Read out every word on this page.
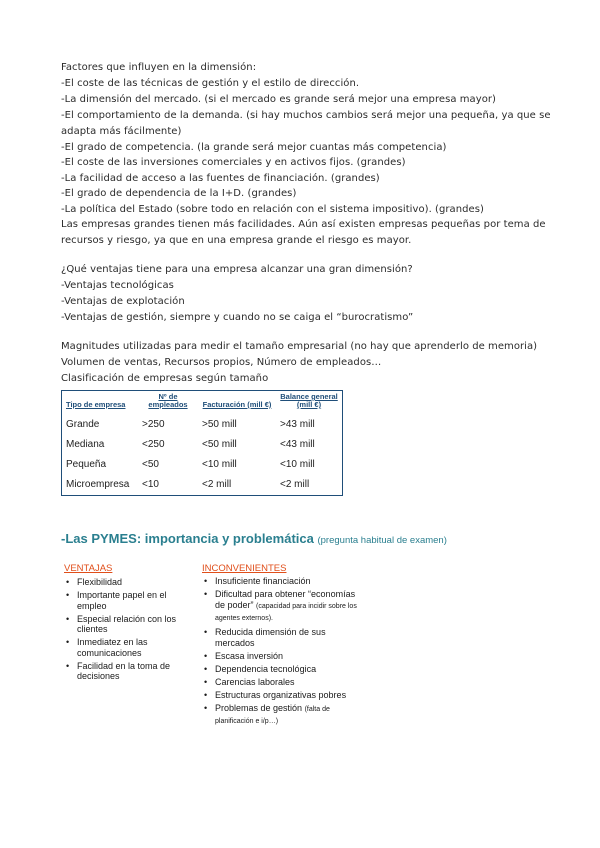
Factores que influyen en la dimensión:
-El coste de las técnicas de gestión y el estilo de dirección.
-La dimensión del mercado. (si el mercado es grande será mejor una empresa mayor)
-El comportamiento de la demanda. (si hay muchos cambios será mejor una pequeña, ya que se
adapta más fácilmente)
-El grado de competencia. (la grande será mejor cuantas más competencia)
-El coste de las inversiones comerciales y en activos fijos. (grandes)
-La facilidad de acceso a las fuentes de financiación. (grandes)
-El grado de dependencia de la I+D. (grandes)
-La política del Estado (sobre todo en relación con el sistema impositivo). (grandes)
Las empresas grandes tienen más facilidades. Aún así existen empresas pequeñas por tema de
recursos y riesgo, ya que en una empresa grande el riesgo es mayor.
¿Qué ventajas tiene para una empresa alcanzar una gran dimensión?
-Ventajas tecnológicas
-Ventajas de explotación
-Ventajas de gestión, siempre y cuando no se caiga el “burocratismo”
Magnitudes utilizadas para medir el tamaño empresarial (no hay que aprenderlo de memoria)
Volumen de ventas, Recursos propios, Número de empleados…
Clasificación de empresas según tamaño
Tipo de empresa	Nº de empleados	Facturación (mill €)	Balance general (mill €)
Grande	>250	>50 mill	>43 mill
Mediana	<250	<50 mill	<43 mill
Pequeña	<50	<10 mill	<10 mill
Microempresa	<10	<2 mill	<2 mill
-Las PYMES: importancia y problemática (pregunta habitual de examen)
VENTAJAS
• Flexibilidad
• Importante papel en el empleo
• Especial relación con los clientes
• Inmediatez en las comunicaciones
• Facilidad en la toma de decisiones
INCONVENIENTES
• Insuficiente financiación
• Dificultad para obtener “economías de poder” (capacidad para incidir sobre los agentes externos).
• Reducida dimensión de sus mercados
• Escasa inversión
• Dependencia tecnológica
• Carencias laborales
• Estructuras organizativas pobres
• Problemas de gestión (falta de planificación e i/p…)
